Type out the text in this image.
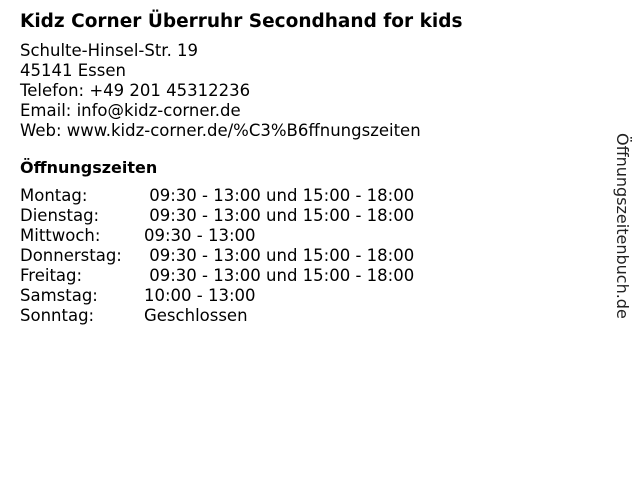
Kidz Corner Überruhr Secondhand for kids
Schulte-Hinsel-Str. 19
45141 Essen
Telefon: +49 201 45312236
Email: info@kidz-corner.de
Web: www.kidz-corner.de/%C3%B6ffnungszeiten
Öffnungszeiten
Montag:	09:30 - 13:00 und 15:00 - 18:00
Dienstag:	09:30 - 13:00 und 15:00 - 18:00
Mittwoch:	09:30 - 13:00
Donnerstag:	09:30 - 13:00 und 15:00 - 18:00
Freitag:	09:30 - 13:00 und 15:00 - 18:00
Samstag:	10:00 - 13:00
Sonntag:	Geschlossen	Öffnungszeitenbuch.de
